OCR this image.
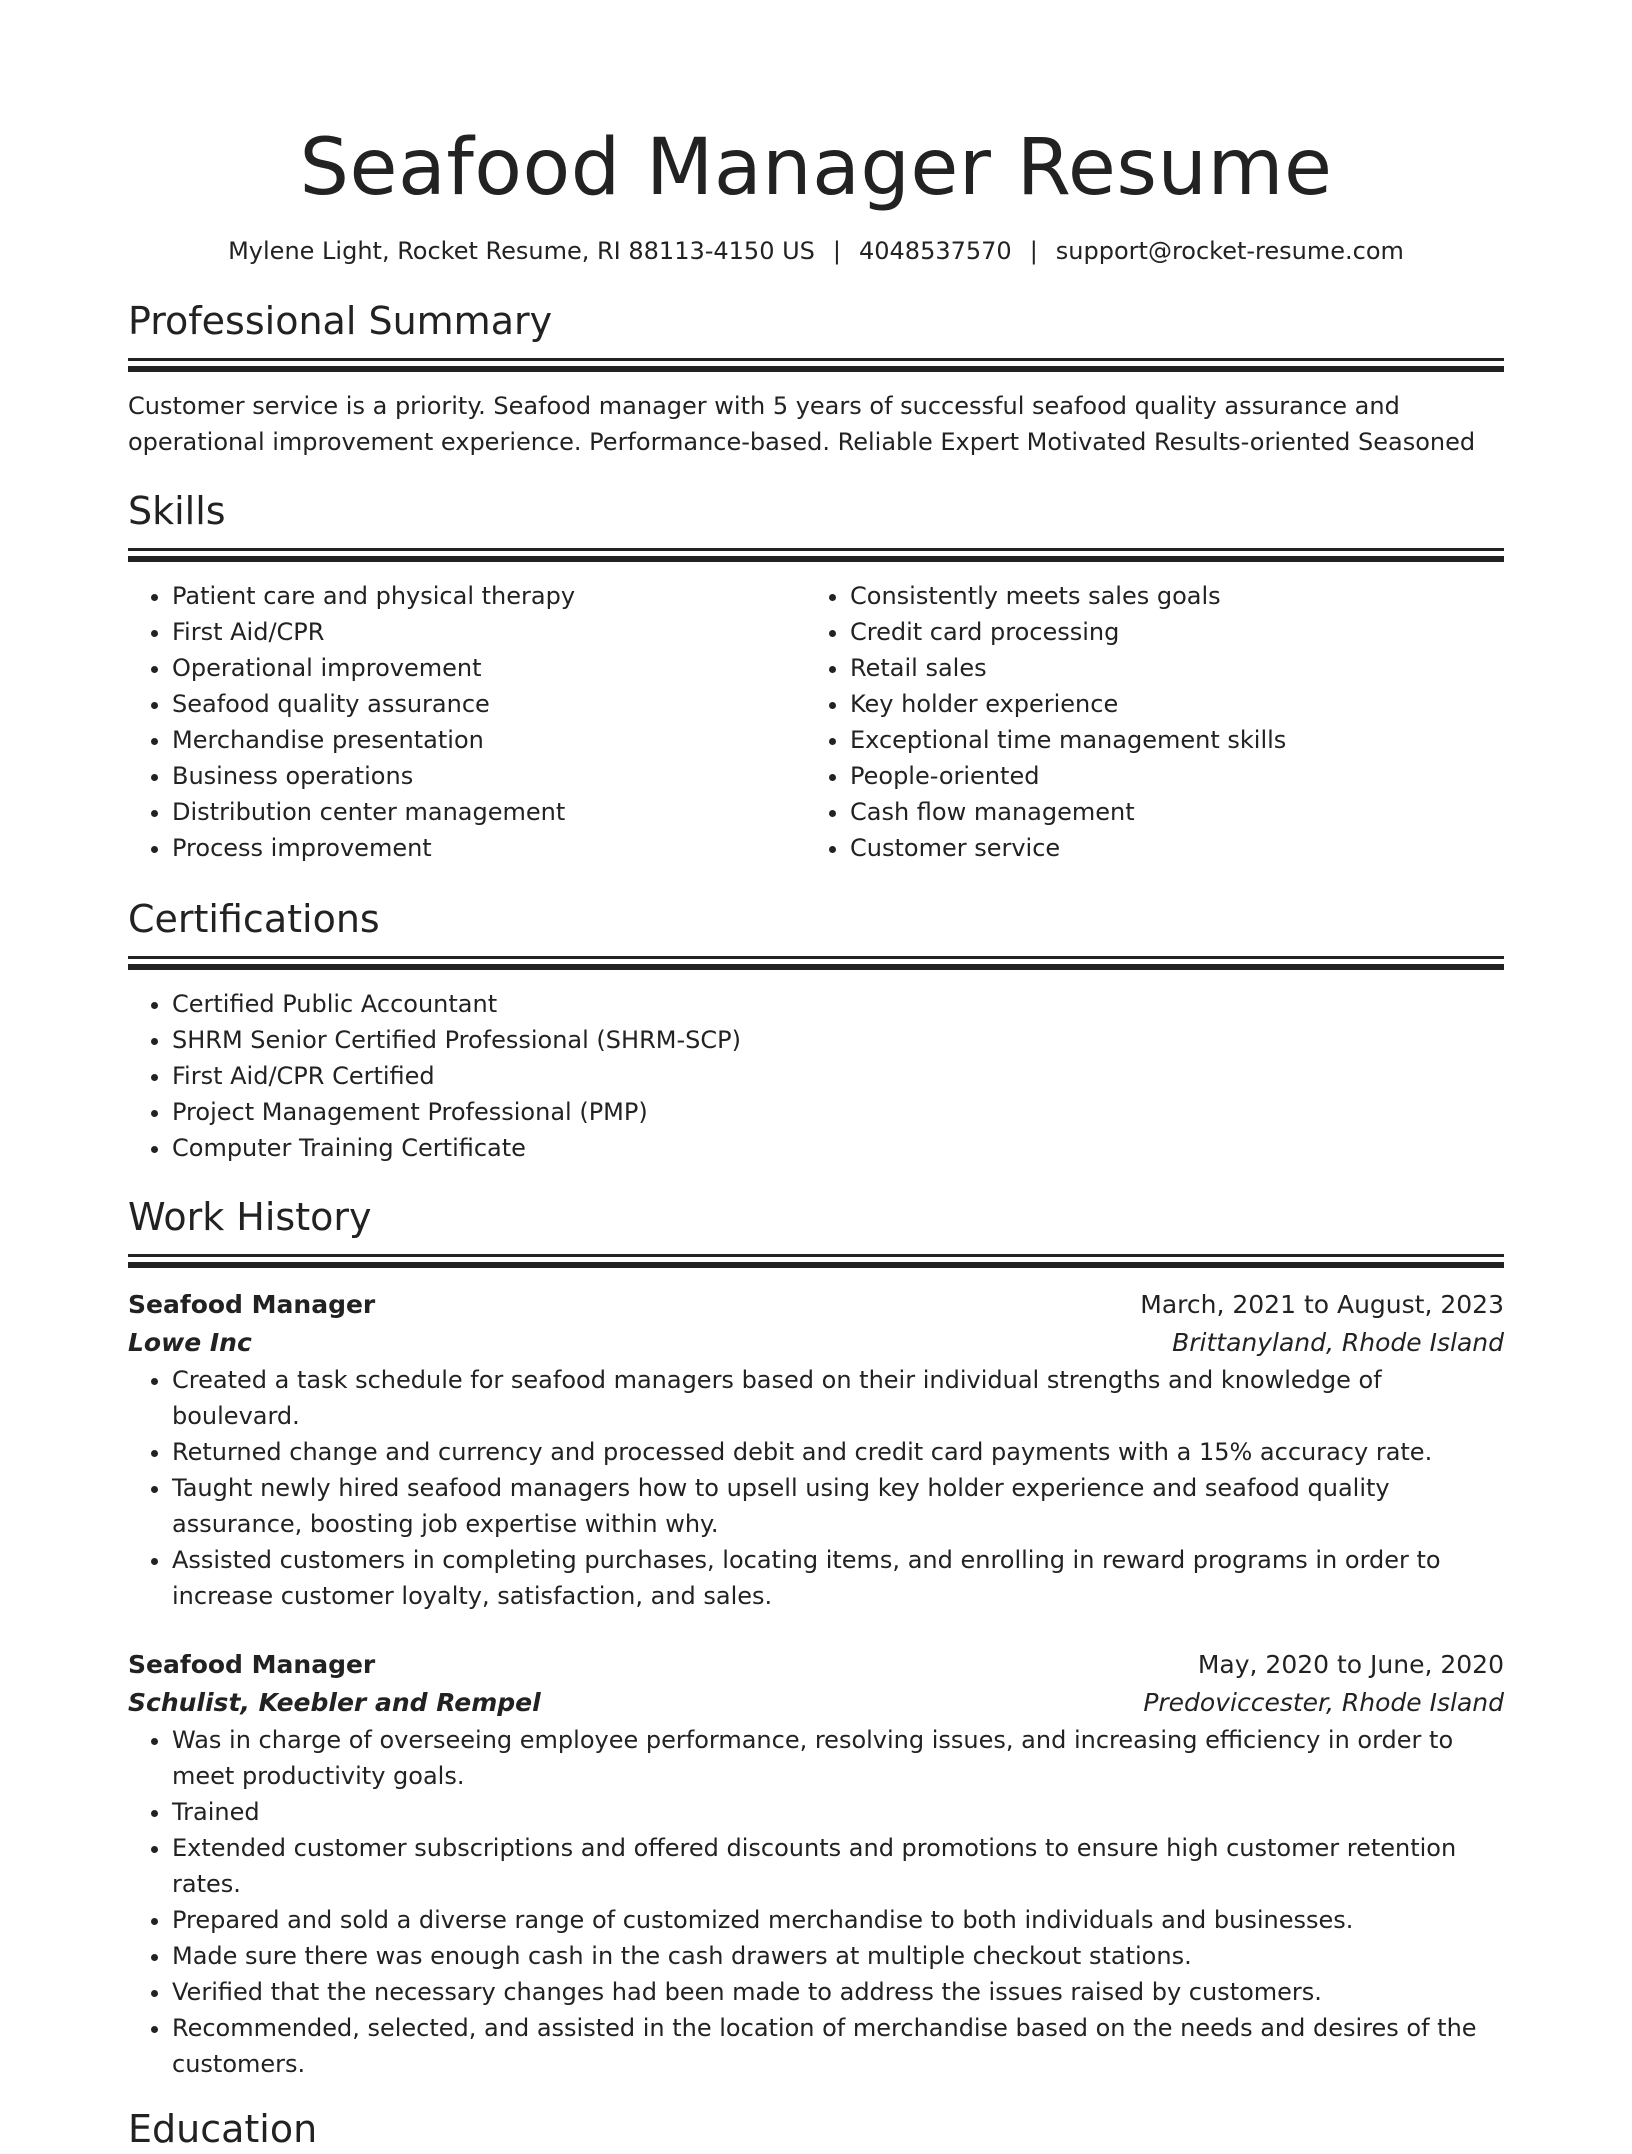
Seafood Manager Resume
Mylene Light, Rocket Resume, RI 88113-4150 US | 4048537570 | support@rocket-resume.com
Professional Summary
Customer service is a priority. Seafood manager with 5 years of successful seafood quality assurance and operational improvement experience. Performance-based. Reliable Expert Motivated Results-oriented Seasoned
Skills
• Patient care and physical therapy
• First Aid/CPR
• Operational improvement
• Seafood quality assurance
• Merchandise presentation
• Business operations
• Distribution center management
• Process improvement
• Consistently meets sales goals
• Credit card processing
• Retail sales
• Key holder experience
• Exceptional time management skills
• People-oriented
• Cash flow management
• Customer service
Certifications
• Certified Public Accountant
• SHRM Senior Certified Professional (SHRM-SCP)
• First Aid/CPR Certified
• Project Management Professional (PMP)
• Computer Training Certificate
Work History
Seafood Manager	March, 2021 to August, 2023
Lowe Inc	Brittanyland, Rhode Island
• Created a task schedule for seafood managers based on their individual strengths and knowledge of boulevard.
• Returned change and currency and processed debit and credit card payments with a 15% accuracy rate.
• Taught newly hired seafood managers how to upsell using key holder experience and seafood quality assurance, boosting job expertise within why.
• Assisted customers in completing purchases, locating items, and enrolling in reward programs in order to increase customer loyalty, satisfaction, and sales.
Seafood Manager	May, 2020 to June, 2020
Schulist, Keebler and Rempel	Predoviccester, Rhode Island
• Was in charge of overseeing employee performance, resolving issues, and increasing efficiency in order to meet productivity goals.
• Trained
• Extended customer subscriptions and offered discounts and promotions to ensure high customer retention rates.
• Prepared and sold a diverse range of customized merchandise to both individuals and businesses.
• Made sure there was enough cash in the cash drawers at multiple checkout stations.
• Verified that the necessary changes had been made to address the issues raised by customers.
• Recommended, selected, and assisted in the location of merchandise based on the needs and desires of the customers.
Education
